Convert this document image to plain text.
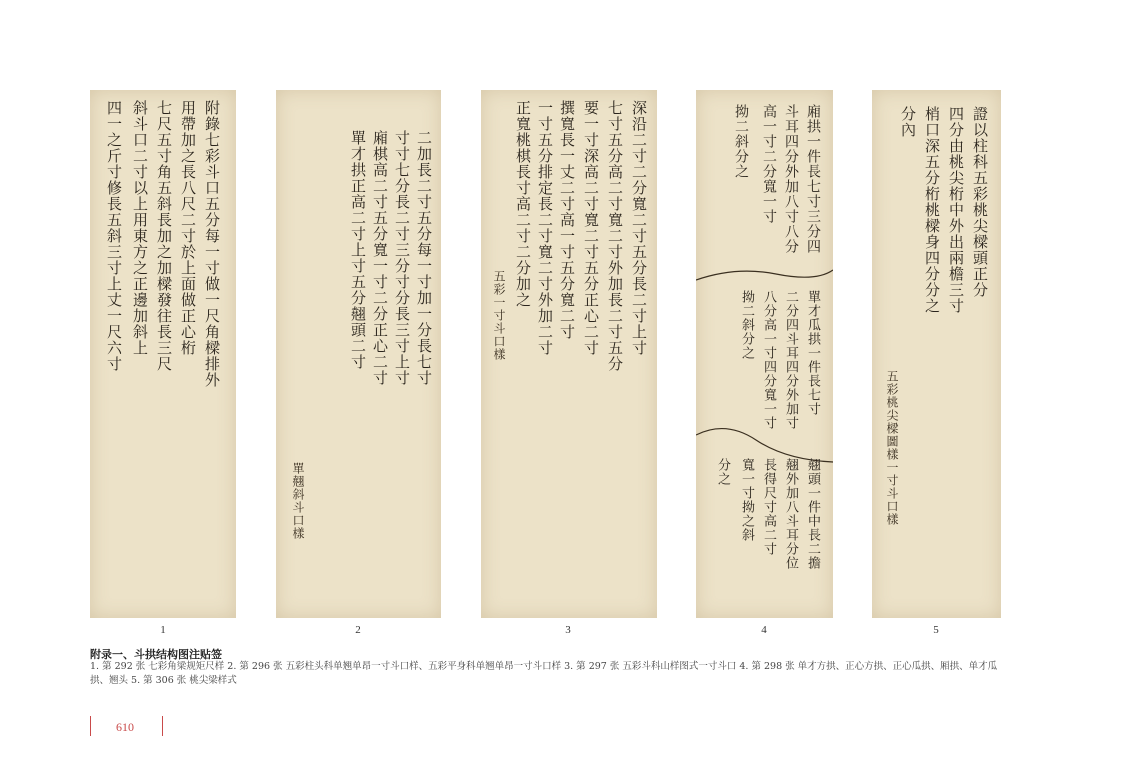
附錄七彩斗口五分每一寸做一尺角樑排外
用帶加之長八尺二寸於上面做正心桁
七尺五寸角五斜長加之加樑發往長三尺
斜斗口二寸以上用東方之正邊加斜上
四一之斤寸修長五斜三寸上丈一尺六寸	二加長二寸五分每一寸加一分長七寸
寸寸七分長二寸三分寸分長三寸上寸
廂棋高二寸五分寬一寸二分正心二寸
單才拱正高二寸上寸五分翹頭二寸
單翹斜斗口樣
深沿二寸二分寬二寸五分長二寸上寸
七寸五分高二寸寬二寸外加長二寸五分
要一寸深高二寸寬二寸五分正心二寸
撰寬長一丈二寸高一寸五分寬二寸
一寸五分排定長二寸寬二寸外加二寸
正寬桃棋長寸高二寸二分加之
五彩一寸斗口樣
廂拱一件長七寸三分四
斗耳四分外加八寸八分
高一寸二分寬一寸
拗二斜分之
單才瓜拱一件長七寸
二分四斗耳四分外加寸
八分高一寸四分寬一寸
拗二斜分之
翹頭一件中長二擔
翹外加八斗耳分位
長得尺寸高二寸
寬一寸拗之斜
分之
證以柱科五彩桃尖樑頭正分
四分由桃尖桁中外出兩檐三寸
梢口深五分桁桃樑身四分分之
分內
五彩桃尖樑圖樣一寸斗口樣
1	2	3	4	5
附录一、斗拱结构图注贴签
1. 第 292 张 七彩角梁规矩尺样 2. 第 296 张 五彩柱头科单翘单昂一寸斗口样、五彩平身科单翘单昂一寸斗口样 3. 第 297 张 五彩斗科山样图式一寸斗口 4. 第 298 张 单才方拱、正心方拱、正心瓜拱、厢拱、单才瓜拱、翘头 5. 第 306 张 桃尖梁样式
610
